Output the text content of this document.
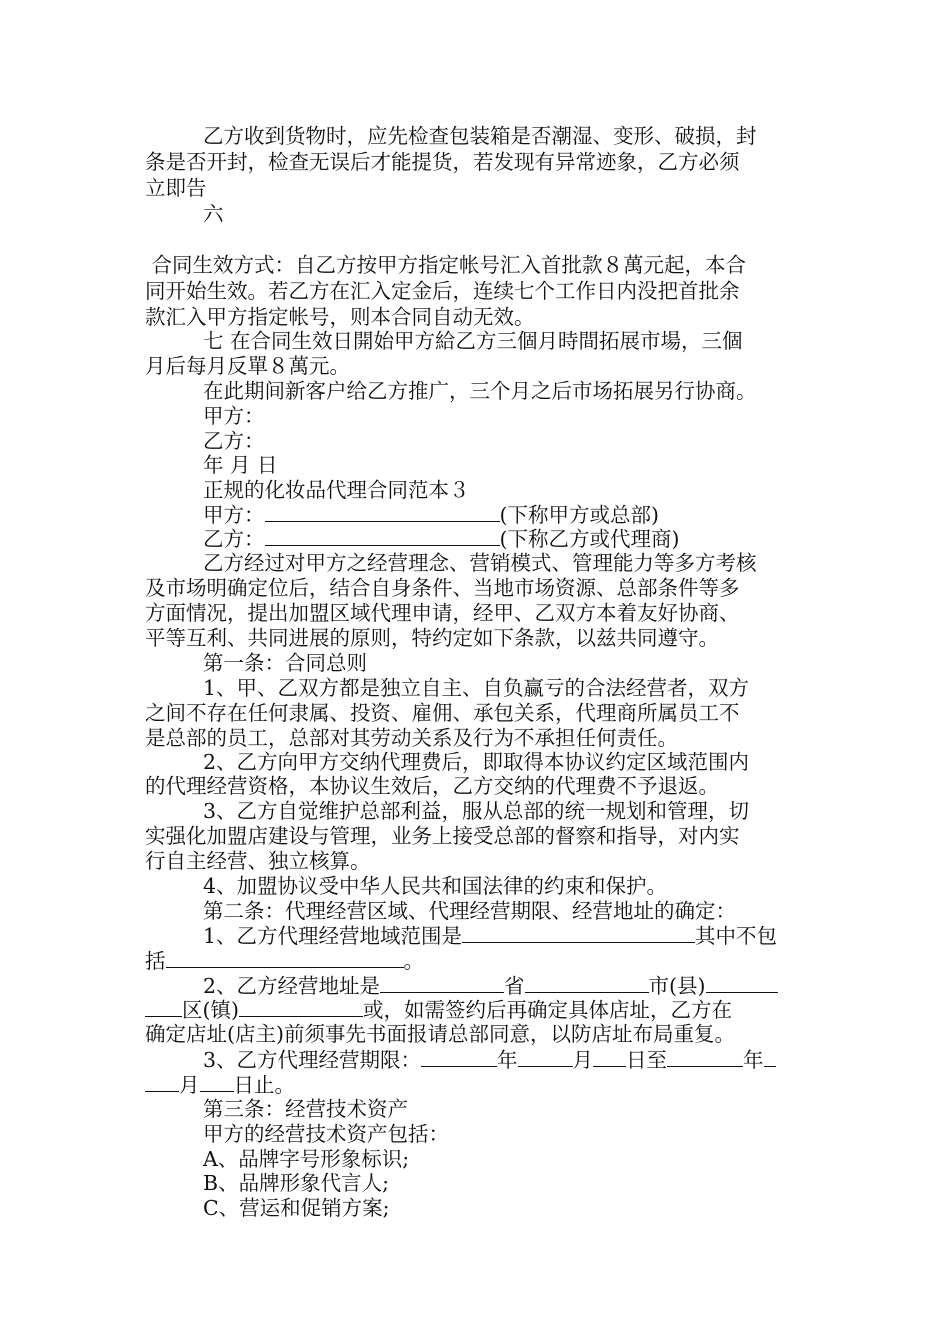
乙方收到货物时，应先检查包装箱是否潮湿、变形、破损，封

条是否开封，检查无误后才能提货，若发现有异常迹象，乙方必须

立即告

六

合同生效方式：自乙方按甲方指定帐号汇入首批款８萬元起，本合

同开始生效。若乙方在汇入定金后，连续七个工作日内没把首批余

款汇入甲方指定帐号，则本合同自动无效。

七 在合同生效日開始甲方給乙方三個月時間拓展市場，三個

月后每月反單８萬元。

在此期间新客户给乙方推广，三个月之后市场拓展另行协商。

甲方：

乙方：

年 月 日

正规的化妆品代理合同范本３

甲方：	(下称甲方或总部)

乙方：	(下称乙方或代理商)

乙方经过对甲方之经营理念、营销模式、管理能力等多方考核

及市场明确定位后，结合自身条件、当地市场资源、总部条件等多

方面情况，提出加盟区域代理申请，经甲、乙双方本着友好协商、

平等互利、共同进展的原则，特约定如下条款，以兹共同遵守。

第一条：合同总则

1、甲、乙双方都是独立自主、自负赢亏的合法经营者，双方

之间不存在任何隶属、投资、雇佣、承包关系，代理商所属员工不

是总部的员工，总部对其劳动关系及行为不承担任何责任。

2、乙方向甲方交纳代理费后，即取得本协议约定区域范围内

的代理经营资格，本协议生效后，乙方交纳的代理费不予退返。

3、乙方自觉维护总部利益，服从总部的统一规划和管理，切

实强化加盟店建设与管理，业务上接受总部的督察和指导，对内实

行自主经营、独立核算。

4、加盟协议受中华人民共和国法律的约束和保护。

第二条：代理经营区域、代理经营期限、经营地址的确定：

1、乙方代理经营地域范围是	其中不包

括	。

2、乙方经营地址是	省	市(县)

区(镇)	或，如需签约后再确定具体店址，乙方在

确定店址(店主)前须事先书面报请总部同意，以防店址布局重复。

3、乙方代理经营期限：	年	月 日至	年

月 日止。

第三条：经营技术资产

甲方的经营技术资产包括：

A、品牌字号形象标识;

B、品牌形象代言人;

C、营运和促销方案;
